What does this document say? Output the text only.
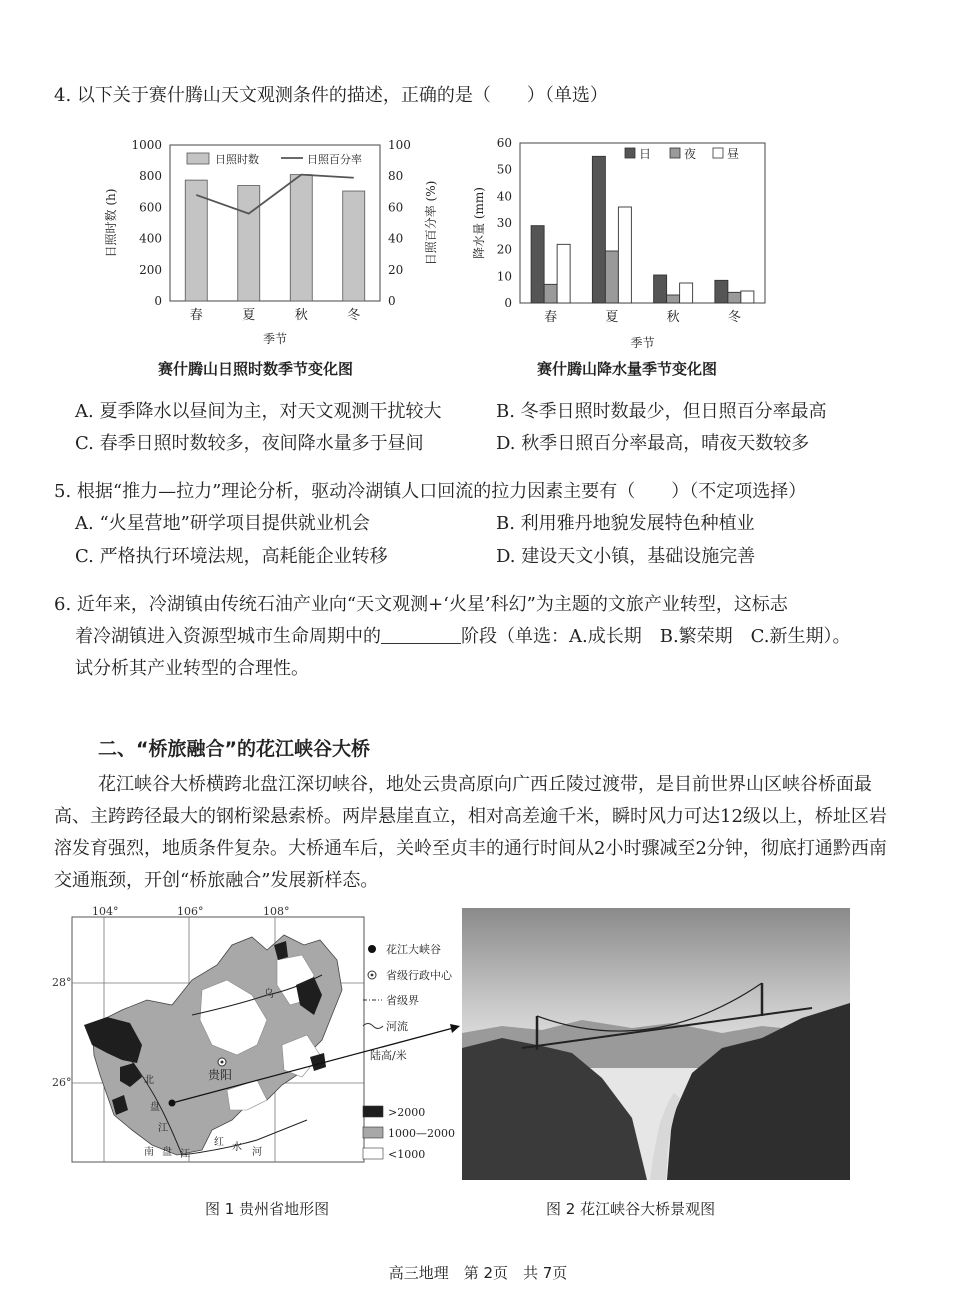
4. 以下关于赛什腾山天文观测条件的描述，正确的是（　　）（单选）
0
200
400
600
800
1000
0
20
40
60
80
100
春	夏	秋	冬
日照时数	日照百分率
日照时数 (h)	日照百分率 (%)
季节
赛什腾山日照时数季节变化图
0
10
20
30
40
50
60
春	夏	秋	冬
日	夜	昼
降水量 (mm)
季节
赛什腾山降水量季节变化图
A. 夏季降水以昼间为主，对天文观测干扰较大	B. 冬季日照时数最少，但日照百分率最高
C. 春季日照时数较多，夜间降水量多于昼间	D. 秋季日照百分率最高，晴夜天数较多
5. 根据“推力—拉力”理论分析，驱动冷湖镇人口回流的拉力因素主要有（　　）（不定项选择）
A. “火星营地”研学项目提供就业机会	B. 利用雅丹地貌发展特色种植业
C. 严格执行环境法规，高耗能企业转移	D. 建设天文小镇，基础设施完善
6. 近年来，冷湖镇由传统石油产业向“天文观测+‘火星’科幻”为主题的文旅产业转型，这标志
着冷湖镇进入资源型城市生命周期中的	阶段（单选：A.成长期　B.繁荣期　C.新生期）。
试分析其产业转型的合理性。
二、“桥旅融合”的花江峡谷大桥
花江峡谷大桥横跨北盘江深切峡谷，地处云贵高原向广西丘陵过渡带，是目前世界山区峡谷桥面最高、主跨跨径最大的钢桁梁悬索桥。两岸悬崖直立，相对高差逾千米，瞬时风力可达12级以上，桥址区岩溶发育强烈，地质条件复杂。大桥通车后，关岭至贞丰的通行时间从2小时骤减至2分钟，彻底打通黔西南交通瓶颈，开创“桥旅融合”发展新样态。
104°	106°	108°
28°
26°
贵阳
北
盘
江
南 盘 江
红 水 河
乌
花江大峡谷
省级行政中心
省级界
河流
陆高/米
>2000
1000—2000
<1000
图 1 贵州省地形图	图 2 花江峡谷大桥景观图
高三地理　第 2页　共 7页
